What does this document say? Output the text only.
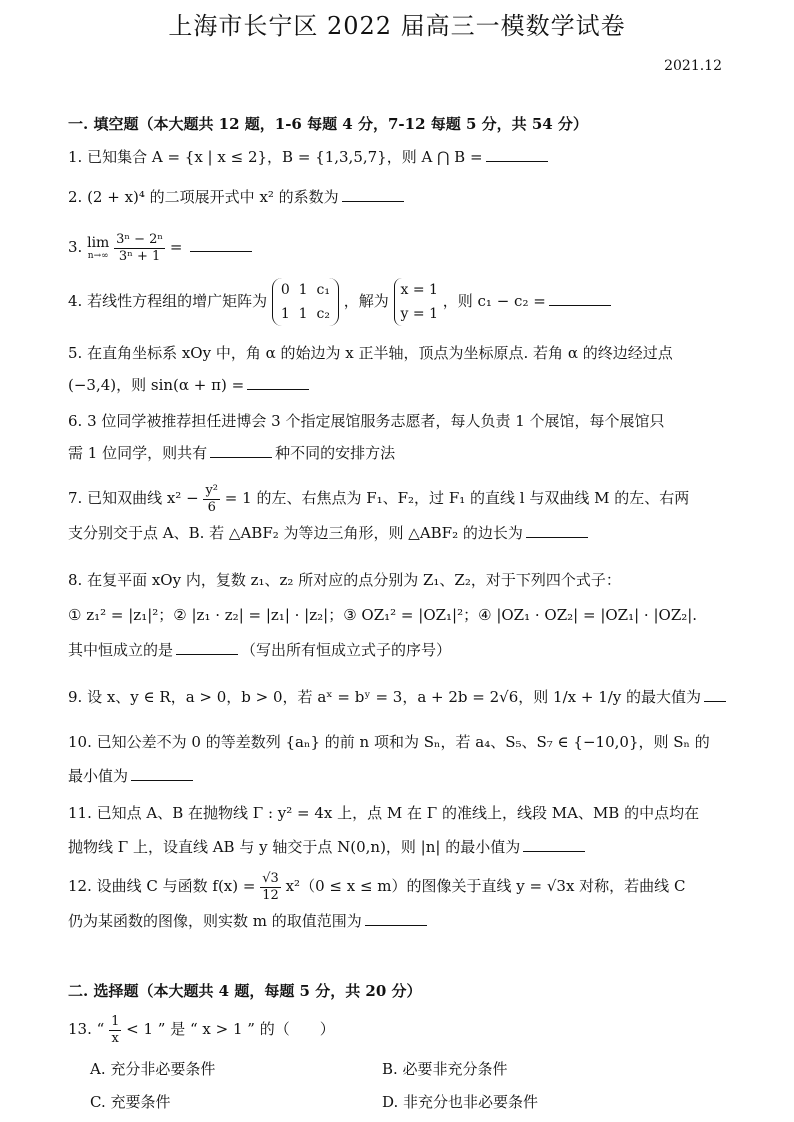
上海市长宁区 2022 届高三一模数学试卷
2021.12
一. 填空题（本大题共 12 题，1-6 每题 4 分，7-12 每题 5 分，共 54 分）
1. 已知集合 A = {x | x ≤ 2}，B = {1,3,5,7}，则 A ⋂ B =
2. (2 + x)⁴ 的二项展开式中 x² 的系数为
3. lim
n→∞
$\frac{\text{3ⁿ − 2ⁿ}}{\text{3ⁿ + 1}}$ =
4. 若线性方程组的增广矩阵为
0  1  c₁
1  1  c₂
，解为
x = 1
y = 1
，则 c₁ − c₂ =
5. 在直角坐标系 xOy 中，角 α 的始边为 x 正半轴，顶点为坐标原点. 若角 α 的终边经过点
(−3,4)，则 sin(α + π) =
6. 3 位同学被推荐担任进博会 3 个指定展馆服务志愿者，每人负责 1 个展馆，每个展馆只
需 1 位同学，则共有	种不同的安排方法
7. 已知双曲线 $x^2 - \frac{\text{y²}}{6} = 1$ 的左、右焦点为 F₁、F₂，过 F₁ 的直线 l 与双曲线 M 的左、右两
支分别交于点 A、B. 若 △ABF₂ 为等边三角形，则 △ABF₂ 的边长为
8. 在复平面 xOy 内，复数 z₁、z₂ 所对应的点分别为 Z₁、Z₂，对于下列四个式子：
① z₁² = |z₁|²；② |z₁ · z₂| = |z₁| · |z₂|；③ OZ₁² = |OZ₁|²；④ |OZ₁ · OZ₂| = |OZ₁| · |OZ₂|.
其中恒成立的是	（写出所有恒成立式子的序号）
9. 设 x、y ∈ R，a > 0，b > 0，若 aˣ = bʸ = 3，a + 2b = 2√6，则 1/x + 1/y 的最大值为
10. 已知公差不为 0 的等差数列 {aₙ} 的前 n 项和为 Sₙ，若 a₄、S₅、S₇ ∈ {−10,0}，则 Sₙ 的
最小值为
11. 已知点 A、B 在抛物线 Γ : y² = 4x 上，点 M 在 Γ 的准线上，线段 MA、MB 的中点均在
抛物线 Γ 上，设直线 AB 与 y 轴交于点 N(0,n)，则 |n| 的最小值为
12. 设曲线 C 与函数 $f(x) = \frac{√3}{12} x^2(0 \le x \le m)$的图像关于直线 y = √3x 对称，若曲线 C
仍为某函数的图像，则实数 m 的取值范围为
二. 选择题（本大题共 4 题，每题 5 分，共 20 分）
13. “ $\frac{1}{x} < 1$ ” 是 “ x > 1 ” 的（　　）
A. 充分非必要条件	B. 必要非充分条件
C. 充要条件	D. 非充分也非必要条件
